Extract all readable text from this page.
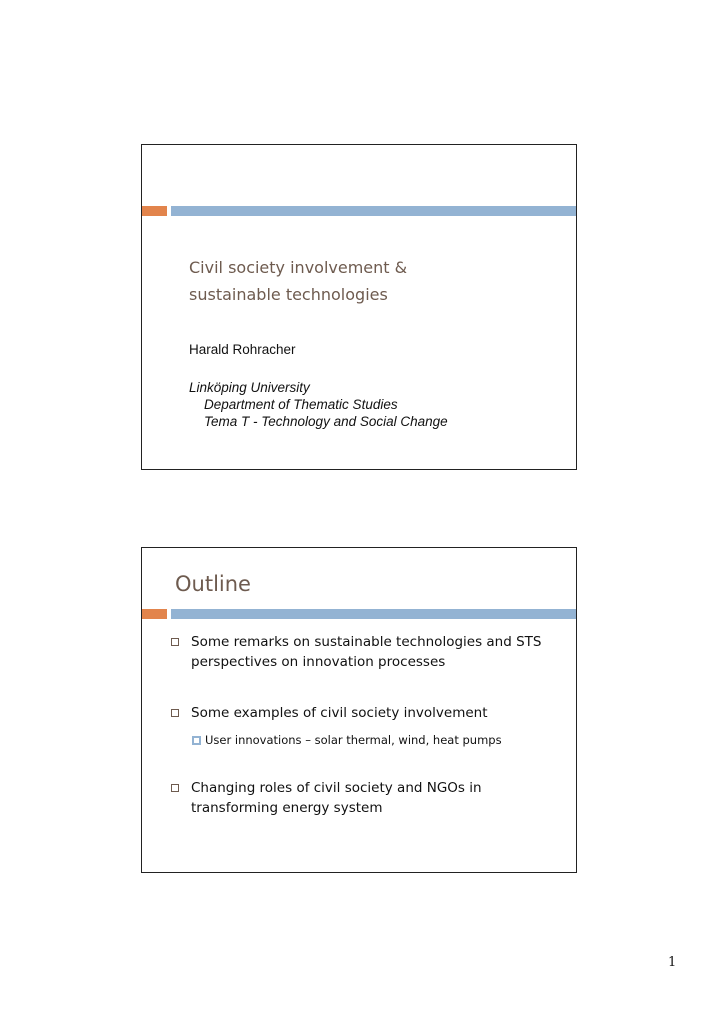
Civil society involvement &
sustainable technologies
Harald Rohracher
Linköping University
Department of Thematic Studies
Tema T - Technology and Social Change
Outline
Some remarks on sustainable technologies and STS
perspectives on innovation processes
Some examples of civil society involvement
User innovations – solar thermal, wind, heat pumps
Changing roles of civil society and NGOs in
transforming energy system
1
